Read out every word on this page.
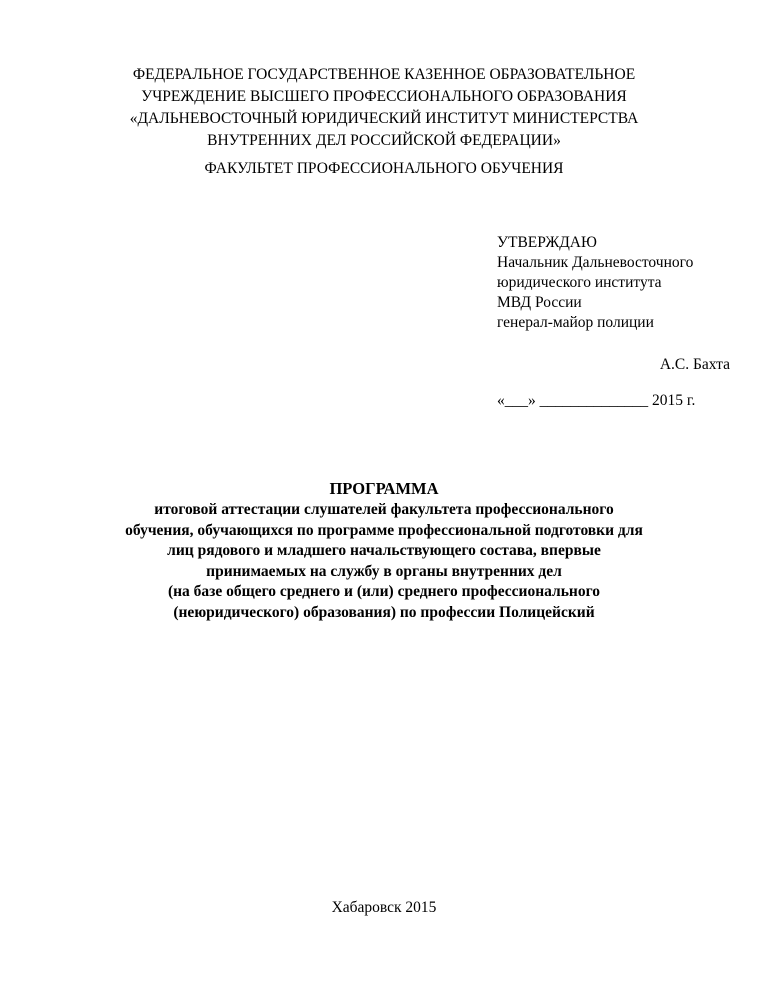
ФЕДЕРАЛЬНОЕ ГОСУДАРСТВЕННОЕ КАЗЕННОЕ ОБРАЗОВАТЕЛЬНОЕ
УЧРЕЖДЕНИЕ ВЫСШЕГО ПРОФЕССИОНАЛЬНОГО ОБРАЗОВАНИЯ
«ДАЛЬНЕВОСТОЧНЫЙ ЮРИДИЧЕСКИЙ ИНСТИТУТ МИНИСТЕРСТВА
ВНУТРЕННИХ ДЕЛ РОССИЙСКОЙ ФЕДЕРАЦИИ»
ФАКУЛЬТЕТ ПРОФЕССИОНАЛЬНОГО ОБУЧЕНИЯ
УТВЕРЖДАЮ
Начальник Дальневосточного
юридического института
МВД России
генерал-майор полиции
А.С. Бахта
«___» ______________ 2015 г.
ПРОГРАММА
итоговой аттестации слушателей факультета профессионального
обучения, обучающихся по программе профессиональной подготовки для
лиц рядового и младшего начальствующего состава, впервые
принимаемых на службу в органы внутренних дел
(на базе общего среднего и (или) среднего профессионального
(неюридического) образования) по профессии Полицейский
Хабаровск 2015
